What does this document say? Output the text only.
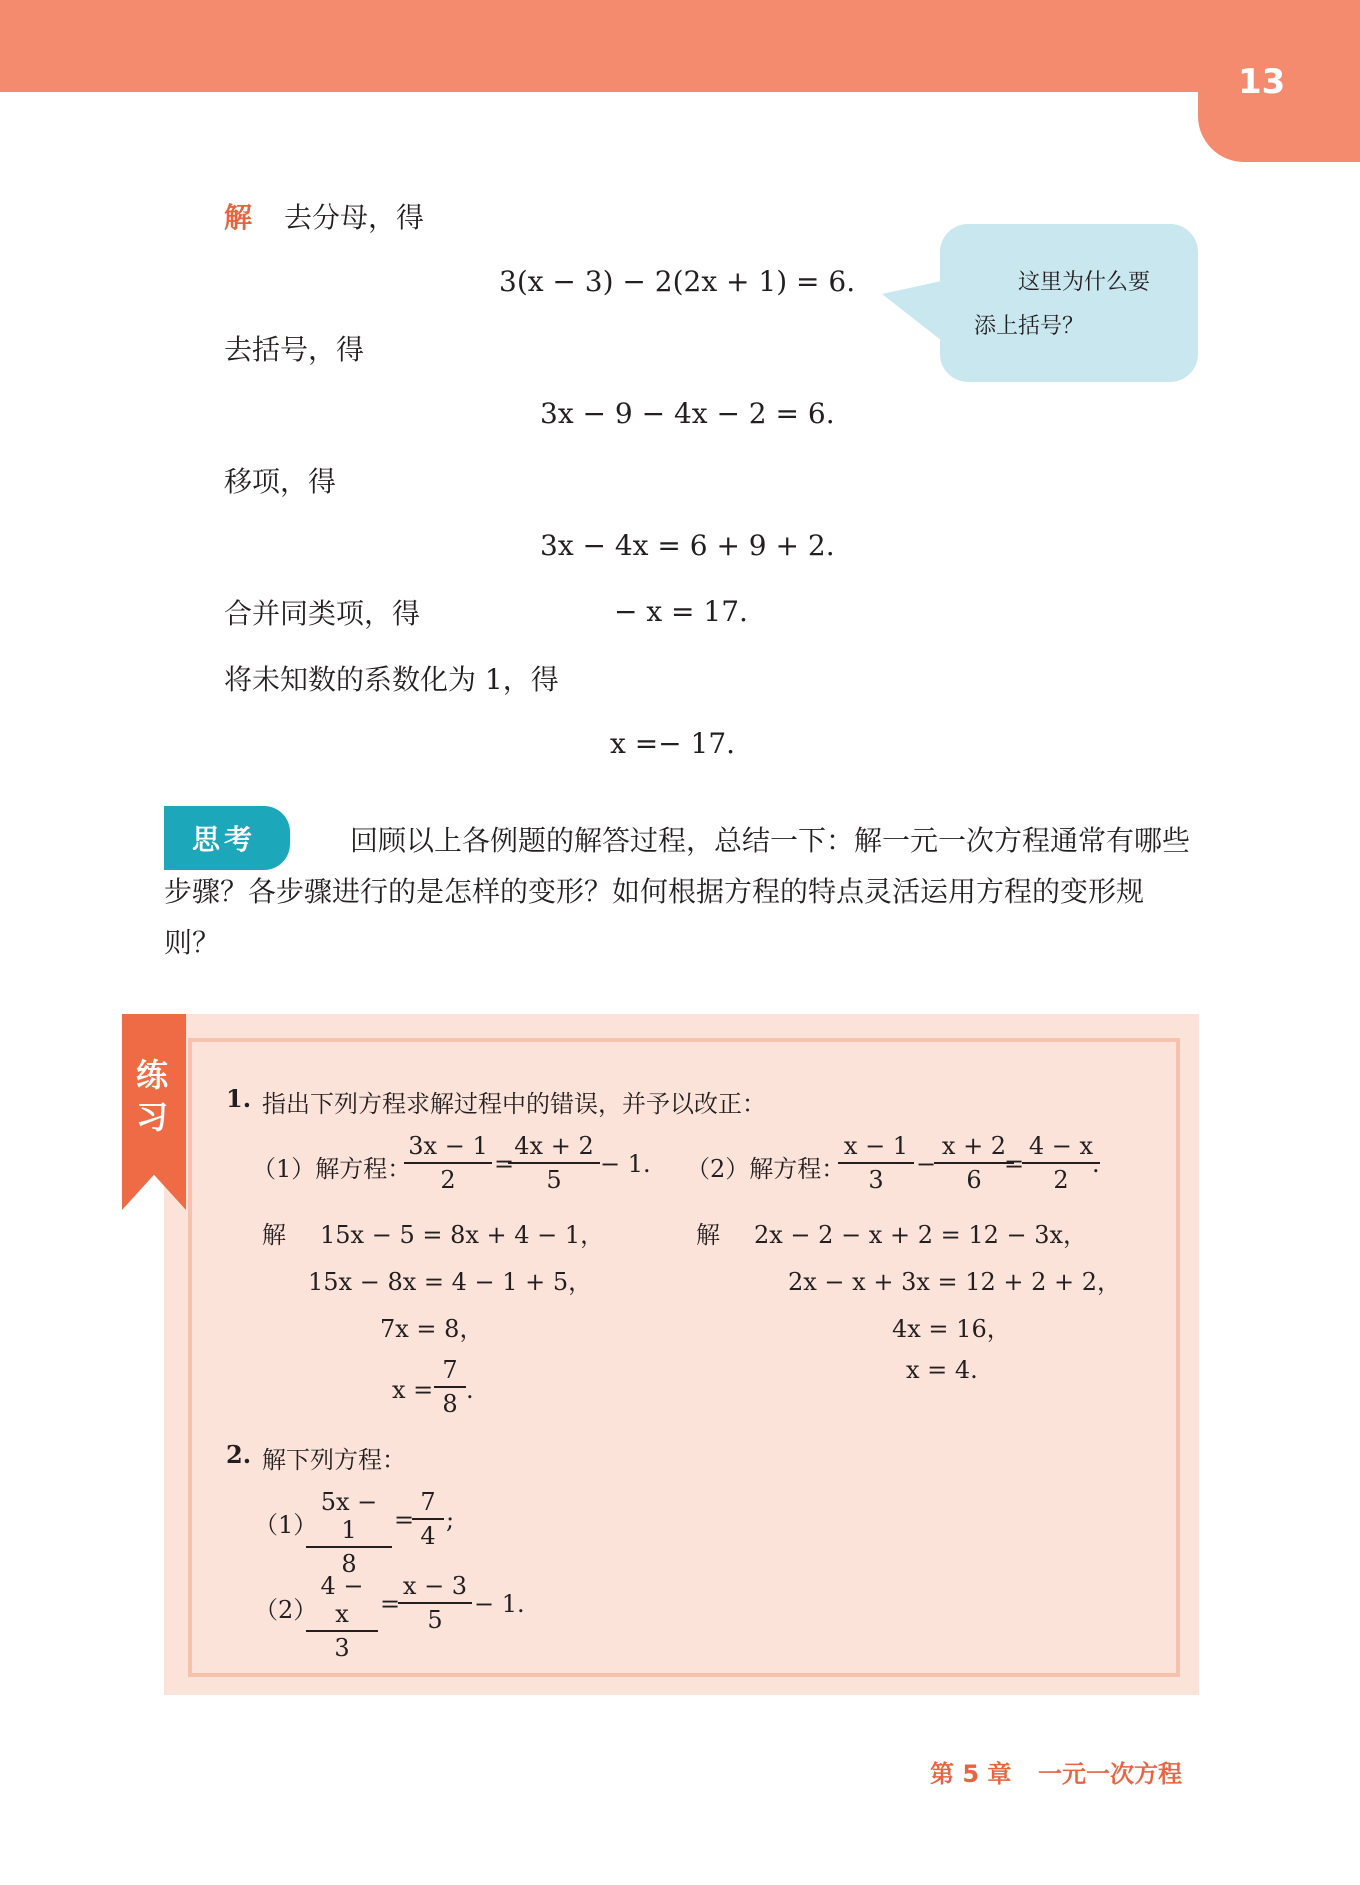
13
解 去分母，得
3(x − 3) − 2(2x + 1) = 6.
去括号，得
3x − 9 − 4x − 2 = 6.
移项，得
3x − 4x = 6 + 9 + 2.
合并同类项，得	− x = 17.
将未知数的系数化为 1，得
x =− 17.
这里为什么要
添上括号？
思考	回顾以上各例题的解答过程，总结一下：解一元一次方程通常有哪些步骤？各步骤进行的是怎样的变形？如何根据方程的特点灵活运用方程的变形规则？
练习 1. 指出下列方程求解过程中的错误，并予以改正：
（1）解方程：
$\frac{3x - 1}{2}$ =
$\frac{4x + 2}{5} - 1$.
解 15x − 5 = 8x + 4 − 1，
15x − 8x = 4 − 1 + 5，
7x = 8，
$x = \frac{7}{8}$ .
（2）解方程：
$\frac{x - 1}{3}$ −
$\frac{x + 2}{6}$
=
$\frac{4 - x}{2}$
.
解 2x − 2 − x + 2 = 12 − 3x，
2x − x + 3x = 12 + 2 + 2，
4x = 16，
x = 4.
2. 解下列方程：
（1）
$\frac{5x - 1}{8}$ =
$\frac{7}{4}$ ;
（2）
$\frac{4 - x}{3}$ =
$\frac{x - 3}{5} - 1$.
第 5 章 一元一次方程
